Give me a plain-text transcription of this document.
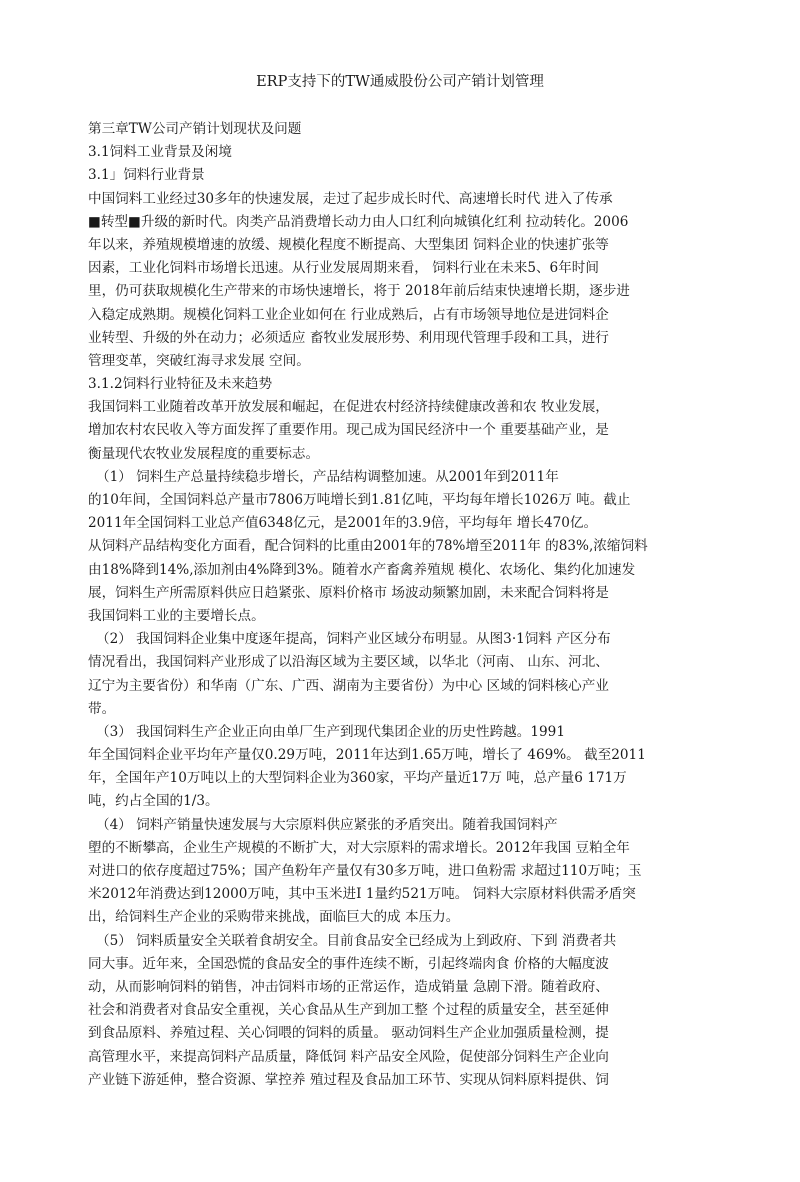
ERP支持下的TW通威股份公司产销计划管理
第三章TW公司产销计划现状及问题
3.1饲料工业背景及闲境
3.1」饲料行业背景
中国饲料工业经过30多年的快速发展，走过了起步成长时代、高速增长时代 进入了传承
■转型■升级的新时代。肉类产品消费增长动力由人口红利向城镇化红利 拉动转化。2006
年以来，养殖规模增速的放缓、规模化程度不断提高、大型集团 饲料企业的快速扩张等
因素，工业化饲料市场增长迅速。从行业发展周期来看， 饲料行业在未来5、6年时间
里，仍可获取规模化生产带来的市场快速增长，将于 2018年前后结束快速增长期，逐步进
入稳定成熟期。规模化饲料工业企业如何在 行业成熟后，占有市场领导地位是进饲料企
业转型、升级的外在动力；必须适应 畜牧业发展形势、利用现代管理手段和工具，进行
管理变革，突破红海寻求发展 空间。
3.1.2饲料行业特征及未来趋势
我国饲料工业随着改革开放发展和崛起，在促进农村经济持续健康改善和农 牧业发展，
增加农村农民收入等方面发挥了重要作用。现己成为国民经济中一个 重要基础产业，是
衡量现代农牧业发展程度的重要标志。
（1） 饲料生产总量持续稳步增长，产品结构调整加速。从2001年到2011年
的10年间，全国饲料总产量市7806万吨增长到1.81亿吨，平均每年增长1026万 吨。截止
2011年全国饲料工业总产值6348亿元，是2001年的3.9倍，平均每年 增长470亿。
从饲料产品结构变化方面看，配合饲料的比重由2001年的78%增至2011年 的83%,浓缩饲料
由18%降到14%,添加剂由4%降到3%。随着水产畜禽养殖规 模化、农场化、集约化加速发
展，饲料生产所需原料供应日趋紧张、原料价格市 场波动频繁加剧，未来配合饲料将是
我国饲料工业的主要增长点。
（2） 我国饲料企业集中度逐年提高，饲料产业区域分布明显。从图3·1饲料 产区分布
情况看出，我国饲料产业形成了以沿海区域为主要区域，以华北（河南、 山东、河北、
辽宁为主要省份）和华南（广东、广西、湖南为主要省份）为中心 区域的饲料核心产业
带。
（3） 我国饲料生产企业正向由单厂生产到现代集团企业的历史性跨越。1991
年全国饲料企业平均年产量仅0.29万吨，2011年达到1.65万吨，增长了 469%。 截至2011
年，全国年产10万吨以上的大型饲料企业为360家，平均产量近17万 吨，总产量6 171万
吨，约占全国的1/3。
（4） 饲料产销量快速发展与大宗原料供应紧张的矛盾突出。随着我国饲料产
塱的不断攀高，企业生产规模的不断扩大，对大宗原料的需求增长。2012年我国 豆粕全年
对进口的依存度超过75%；国产鱼粉年产量仅有30多万吨，进口鱼粉需 求超过110万吨；玉
米2012年消费达到12000万吨，其中玉米进I 1量约521万吨。 饲料大宗原材料供需矛盾突
出，给饲料生产企业的采购带来挑战，面临巨大的成 本压力。
（5） 饲料质量安全关联着食胡安全。目前食品安全已经成为上到政府、下到 消费者共
同大事。近年来，全国恐慌的食品安全的事件连续不断，引起终端肉食 价格的大幅度波
动，从而影响饲料的销售，冲击饲料市场的正常运作，造成销量 急剧下滑。随着政府、
社会和消费者对食品安全重视，关心食品从生产到加工整 个过程的质量安全，甚至延伸
到食品原料、养殖过程、关心饲喂的饲料的质量。 驱动饲料生产企业加强质量检测，提
高管理水平，来提高饲料产品质量，降低饲 料产品安全风险，促使部分饲料生产企业向
产业链下游延伸，整合资源、掌控养 殖过程及食品加工环节、实现从饲料原料提供、饲
